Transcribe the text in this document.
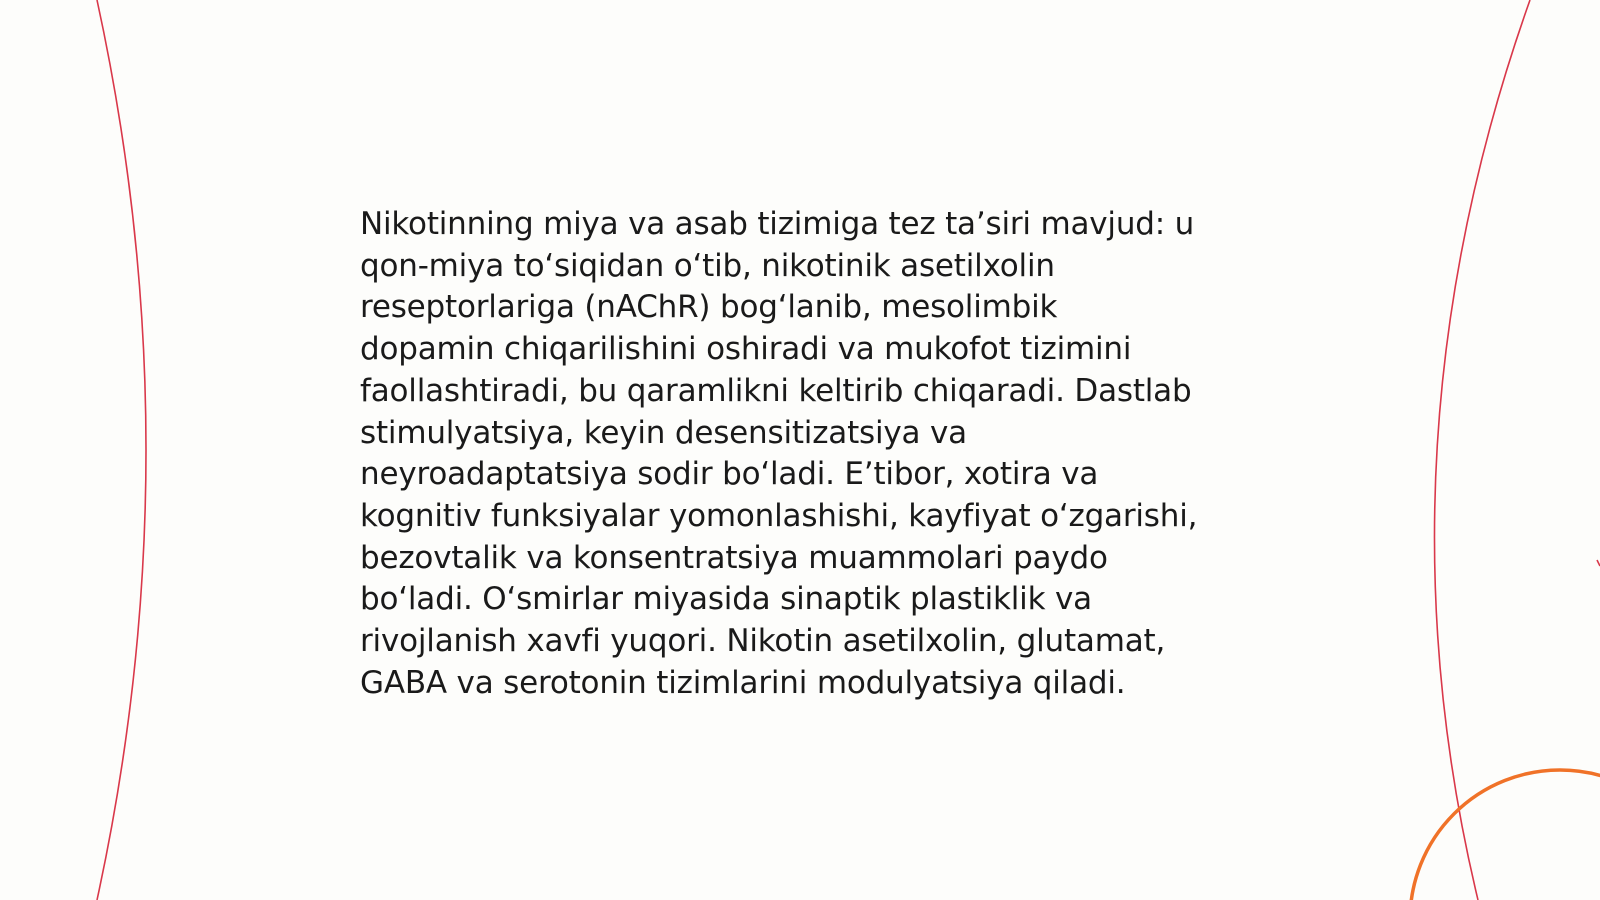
Nikotinning miya va asab tizimiga tez taʼsiri mavjud: u
qon-miya toʻsiqidan oʻtib, nikotinik asetilxolin
reseptorlariga (nAChR) bogʻlanib, mesolimbik
dopamin chiqarilishini oshiradi va mukofot tizimini
faollashtiradi, bu qaramlikni keltirib chiqaradi. Dastlab
stimulyatsiya, keyin desensitizatsiya va
neyroadaptatsiya sodir boʻladi. Eʼtibor, xotira va
kognitiv funksiyalar yomonlashishi, kayfiyat oʻzgarishi,
bezovtalik va konsentratsiya muammolari paydo
boʻladi. Oʻsmirlar miyasida sinaptik plastiklik va
rivojlanish xavfi yuqori. Nikotin asetilxolin, glutamat,
GABA va serotonin tizimlarini modulyatsiya qiladi.
